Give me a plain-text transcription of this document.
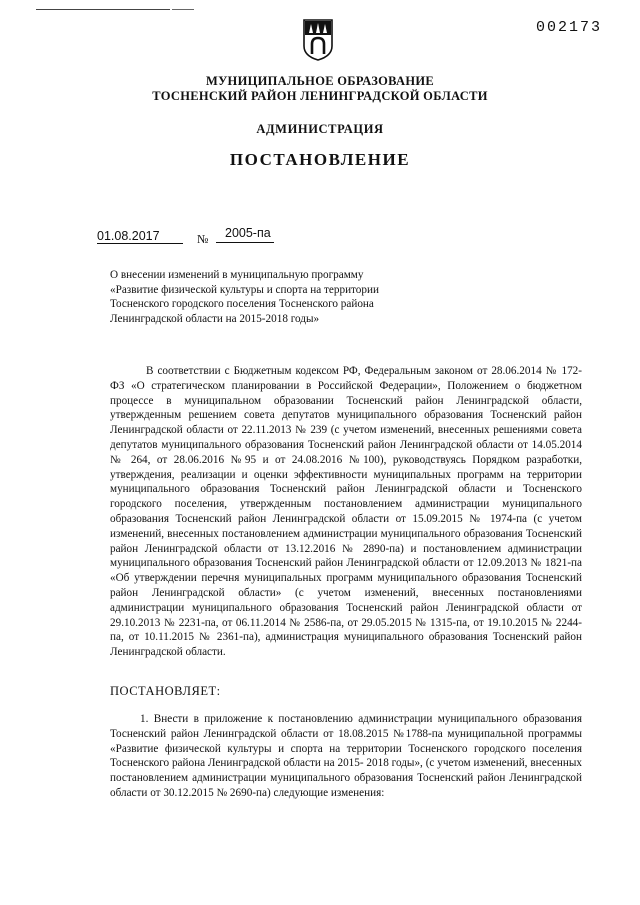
002173
МУНИЦИПАЛЬНОЕ ОБРАЗОВАНИЕ
ТОСНЕНСКИЙ РАЙОН ЛЕНИНГРАДСКОЙ ОБЛАСТИ
АДМИНИСТРАЦИЯ
ПОСТАНОВЛЕНИЕ
01.08.2017	№ 2005-па
О внесении изменений в муниципальную программу
«Развитие физической культуры и спорта на территории
Тосненского городского поселения Тосненского района
Ленинградской области на 2015-2018 годы»
В соответствии с Бюджетным кодексом РФ, Федеральным законом от 28.06.2014 № 172-ФЗ «О стратегическом планировании в Российской Федерации», Положением о бюджетном процессе в муниципальном образовании Тосненский район Ленинградской области, утвержденным решением совета депутатов муниципального образования Тосненский район Ленинградской области от 22.11.2013 № 239 (с учетом изменений, внесенных решениями совета депутатов муниципального образования Тосненский район Ленинградской области от 14.05.2014 № 264, от 28.06.2016 №95 и от 24.08.2016 №100), руководствуясь Порядком разработки, утверждения, реализации и оценки эффективности муниципальных программ на территории муниципального образования Тосненский район Ленинградской области и Тосненского городского поселения, утвержденным постановлением администрации муниципального образования Тосненский район Ленинградской области от 15.09.2015 № 1974-па (с учетом изменений, внесенных постановлением администрации муниципального образования Тосненский район Ленинградской области от 13.12.2016 № 2890-па) и постановлением администрации муниципального образования Тосненский район Ленинградской области от 12.09.2013 № 1821-па «Об утверждении перечня муниципальных программ муниципального образования Тосненский район Ленинградской области» (с учетом изменений, внесенных постановлениями администрации муниципального образования Тосненский район Ленинградской области от 29.10.2013 № 2231-па, от 06.11.2014 № 2586-па, от 29.05.2015 № 1315-па, от 19.10.2015 № 2244-па, от 10.11.2015 № 2361-па), администрация муниципального образования Тосненский район Ленинградской области.
ПОСТАНОВЛЯЕТ:
1. Внести в приложение к постановлению администрации муниципального образования Тосненский район Ленинградской области от 18.08.2015 №1788-па муниципальной программы «Развитие физической культуры и спорта на территории Тосненского городского поселения Тосненского района Ленинградской области на 2015- 2018 годы», (с учетом изменений, внесенных постановлением администрации муниципального образования Тосненский район Ленинградской области от 30.12.2015 № 2690-па) следующие изменения:
